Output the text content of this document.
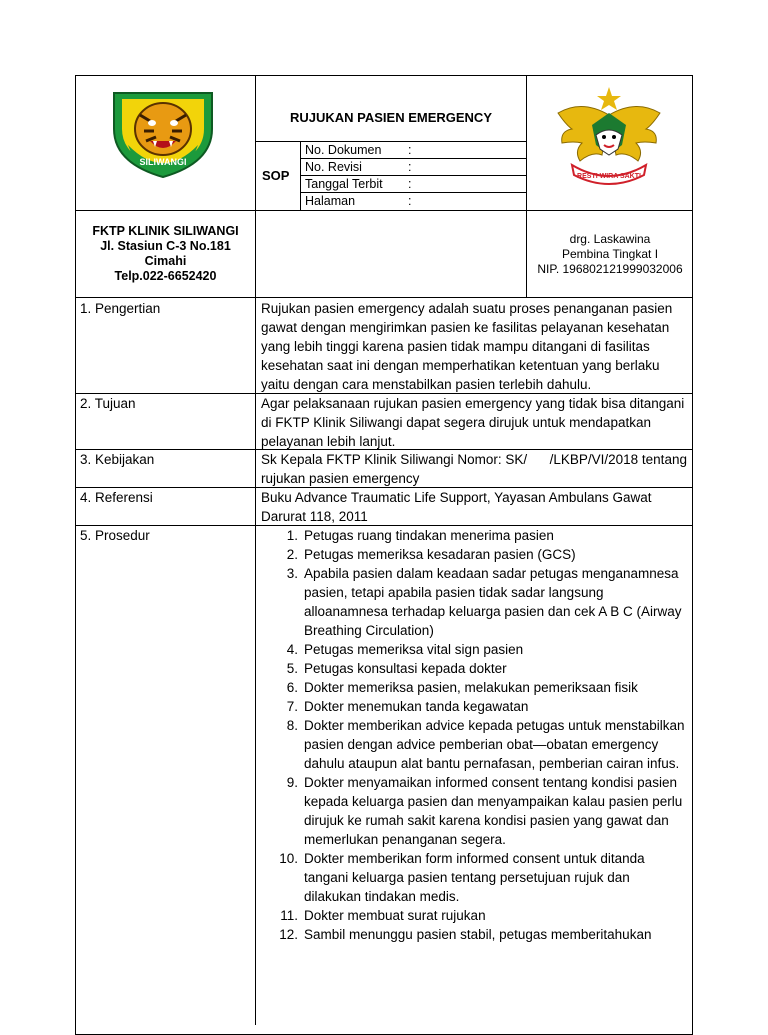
SILIWANGI
RESTI WIRA SAKTI
RUJUKAN PASIEN EMERGENCY
SOP
No. Dokumen :
No. Revisi	:
Tanggal Terbit :
Halaman	:
FKTP KLINIK SILIWANGI
Jl. Stasiun C-3 No.181
Cimahi
Telp.022-6652420
drg. Laskawina
Pembina Tingkat I
NIP. 196802121999032006
1. Pengertian	Rujukan pasien emergency adalah suatu proses penanganan pasien gawat dengan mengirimkan pasien ke fasilitas pelayanan kesehatan yang lebih tinggi karena pasien tidak mampu ditangani di fasilitas kesehatan saat ini dengan memperhatikan ketentuan yang berlaku yaitu dengan cara menstabilkan pasien terlebih dahulu.
2. Tujuan	Agar pelaksanaan rujukan pasien emergency yang tidak bisa ditangani di FKTP Klinik Siliwangi dapat segera dirujuk untuk mendapatkan pelayanan lebih lanjut.
3. Kebijakan	Sk Kepala FKTP Klinik Siliwangi Nomor: SK/      /LKBP/VI/2018 tentang rujukan pasien emergency
4. Referensi	Buku Advance Traumatic Life Support, Yayasan Ambulans Gawat Darurat 118, 2011
5. Prosedur	1. Petugas ruang tindakan menerima pasien
2. Petugas memeriksa kesadaran pasien (GCS)
3. Apabila pasien dalam keadaan sadar petugas menganamnesa pasien, tetapi apabila pasien tidak sadar langsung alloanamnesa terhadap keluarga pasien dan cek A B C (Airway Breathing Circulation)
4. Petugas memeriksa vital sign pasien
5. Petugas konsultasi kepada dokter
6. Dokter memeriksa pasien, melakukan pemeriksaan fisik
7. Dokter menemukan tanda kegawatan
8. Dokter memberikan advice kepada petugas untuk menstabilkan pasien dengan advice pemberian obat—obatan emergency dahulu ataupun alat bantu pernafasan, pemberian cairan infus.
9. Dokter menyamaikan informed consent tentang kondisi pasien kepada keluarga pasien dan menyampaikan kalau pasien perlu dirujuk ke rumah sakit karena kondisi pasien yang gawat dan memerlukan penanganan segera.
10. Dokter memberikan form informed consent untuk ditanda tangani keluarga pasien tentang persetujuan rujuk dan dilakukan tindakan medis.
11. Dokter membuat surat rujukan
12. Sambil menunggu pasien stabil, petugas memberitahukan
